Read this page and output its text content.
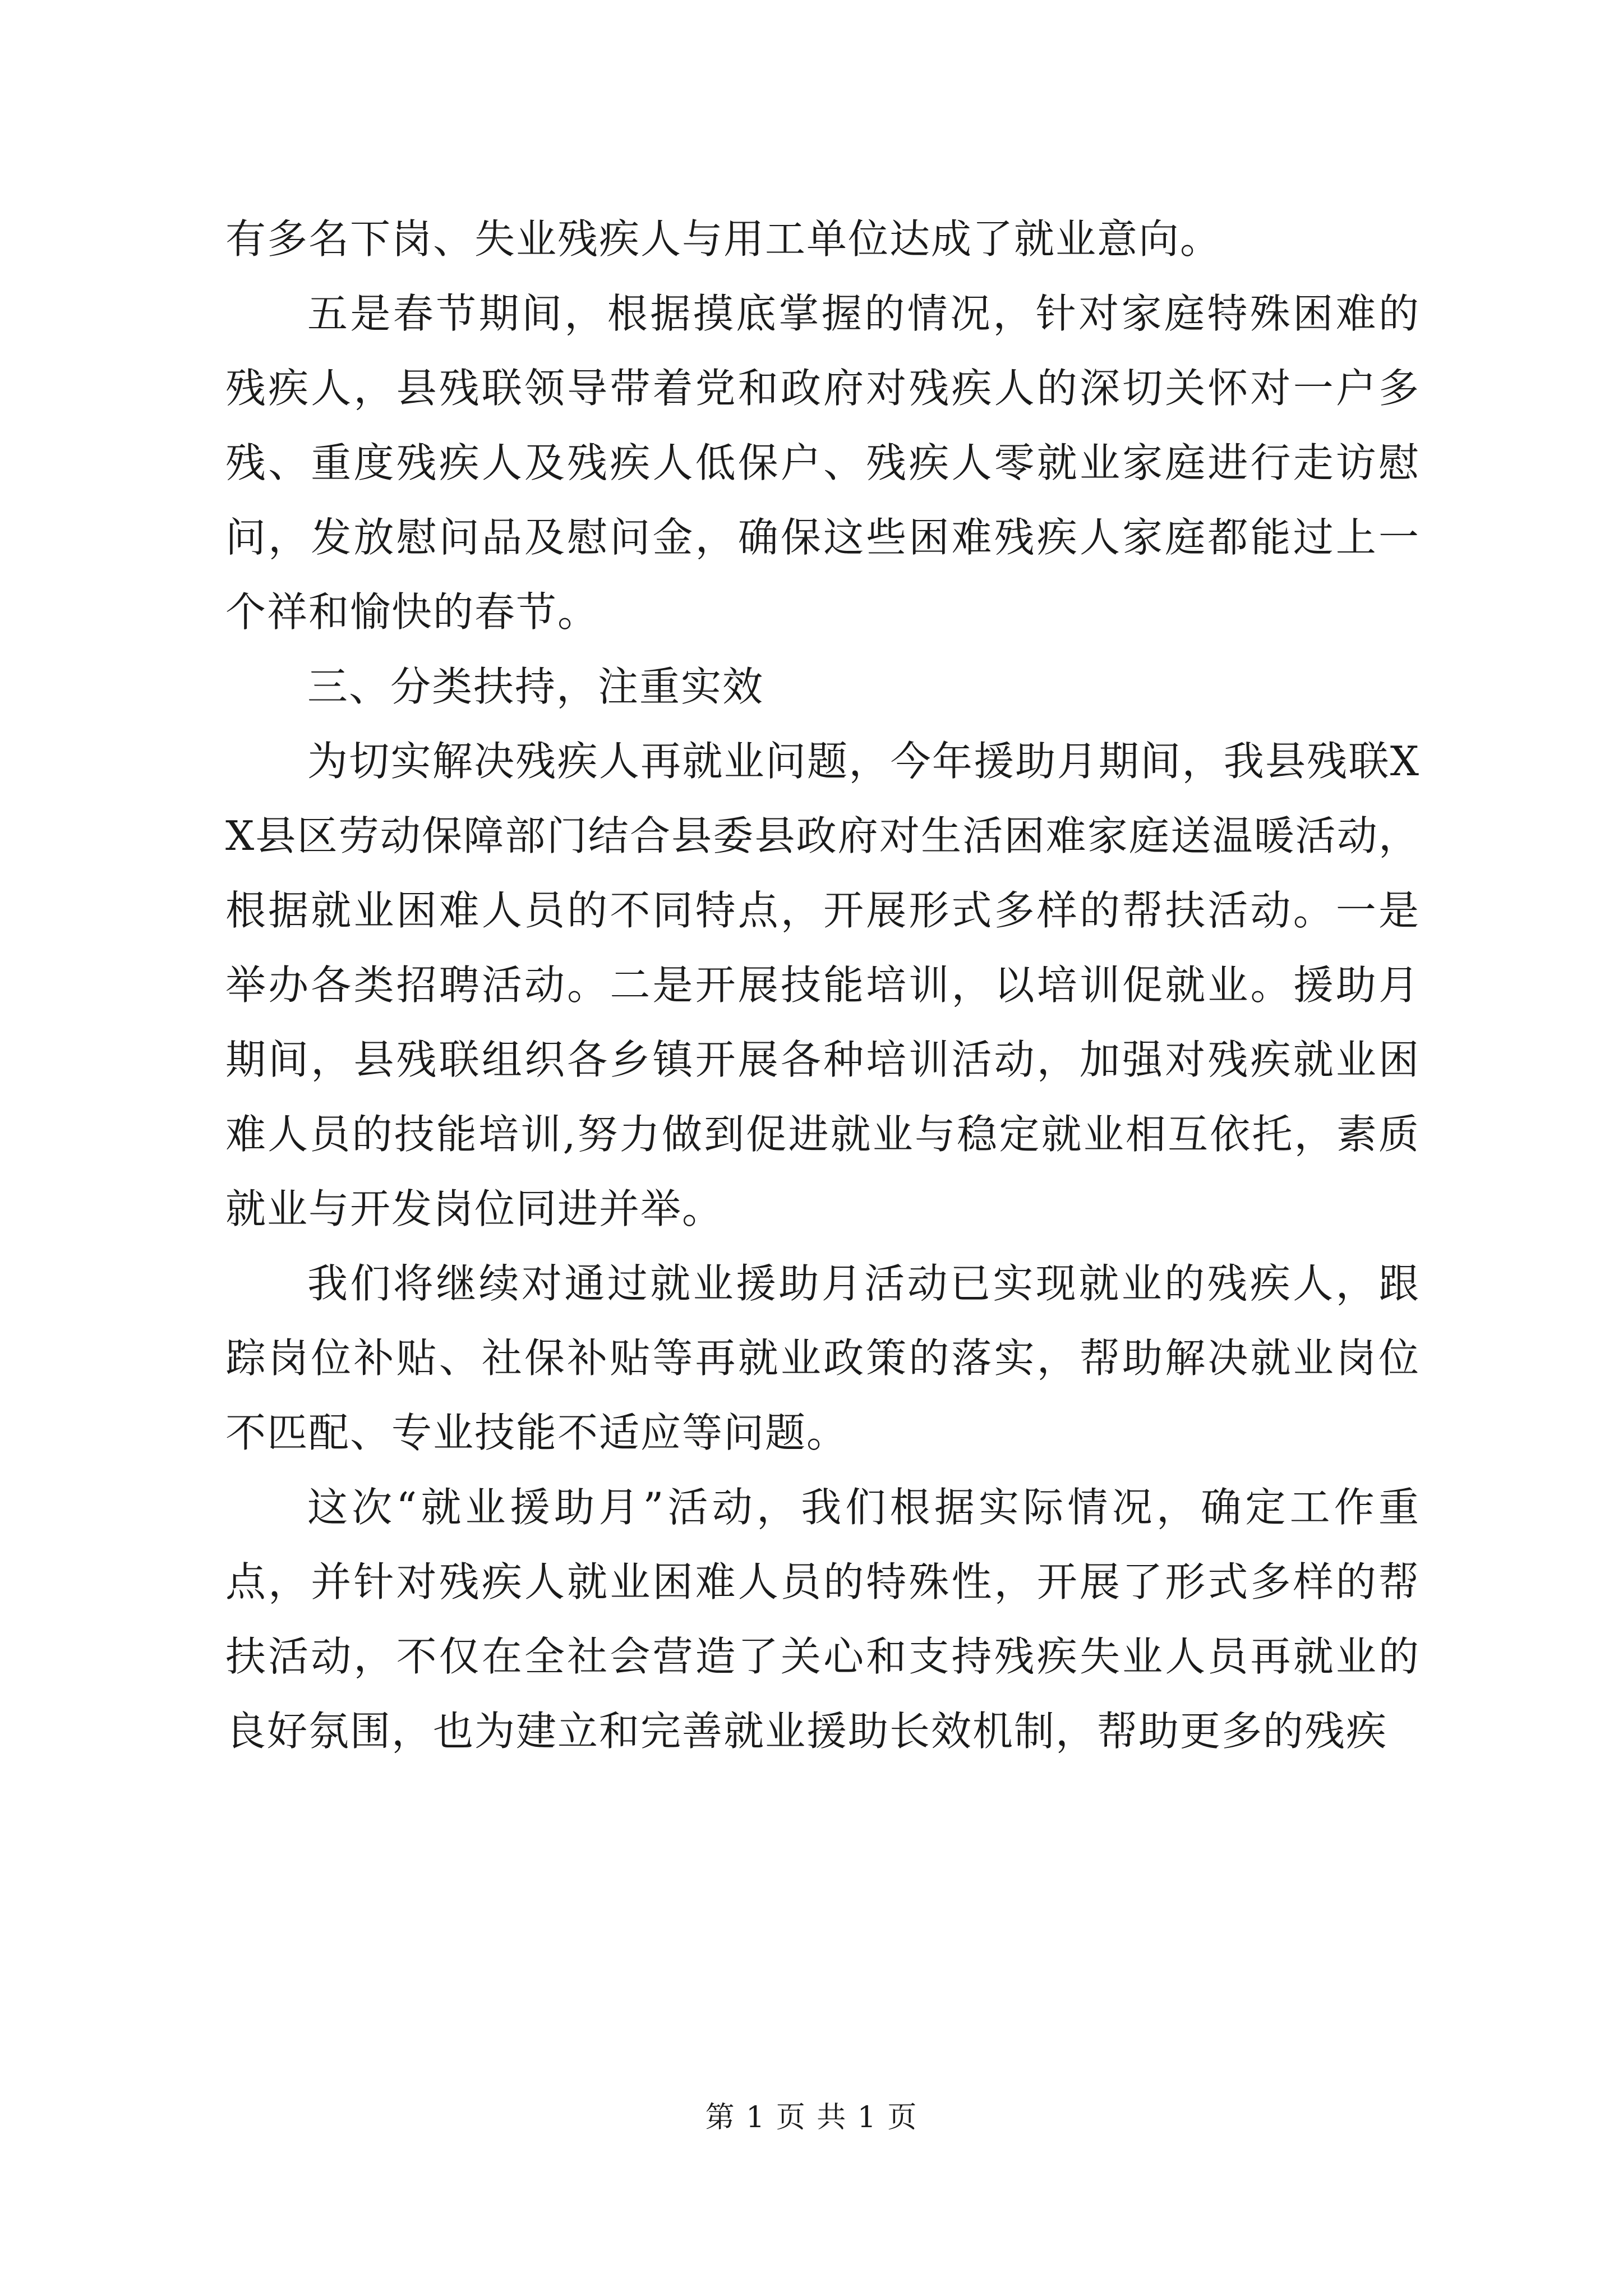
有多名下岗、失业残疾人与用工单位达成了就业意向。

五是春节期间，根据摸底掌握的情况，针对家庭特殊困难的残疾人，县残联领导带着党和政府对残疾人的深切关怀对一户多残、重度残疾人及残疾人低保户、残疾人零就业家庭进行走访慰问，发放慰问品及慰问金，确保这些困难残疾人家庭都能过上一个祥和愉快的春节。

三、分类扶持，注重实效

为切实解决残疾人再就业问题，今年援助月期间，我县残联XX县区劳动保障部门结合县委县政府对生活困难家庭送温暖活动，根据就业困难人员的不同特点，开展形式多样的帮扶活动。一是举办各类招聘活动。二是开展技能培训，以培训促就业。援助月期间，县残联组织各乡镇开展各种培训活动，加强对残疾就业困难人员的技能培训,努力做到促进就业与稳定就业相互依托，素质就业与开发岗位同进并举。

我们将继续对通过就业援助月活动已实现就业的残疾人，跟踪岗位补贴、社保补贴等再就业政策的落实，帮助解决就业岗位不匹配、专业技能不适应等问题。

这次“就业援助月”活动，我们根据实际情况，确定工作重点，并针对残疾人就业困难人员的特殊性，开展了形式多样的帮扶活动，不仅在全社会营造了关心和支持残疾失业人员再就业的良好氛围，也为建立和完善就业援助长效机制，帮助更多的残疾

第 1 页 共 1 页
